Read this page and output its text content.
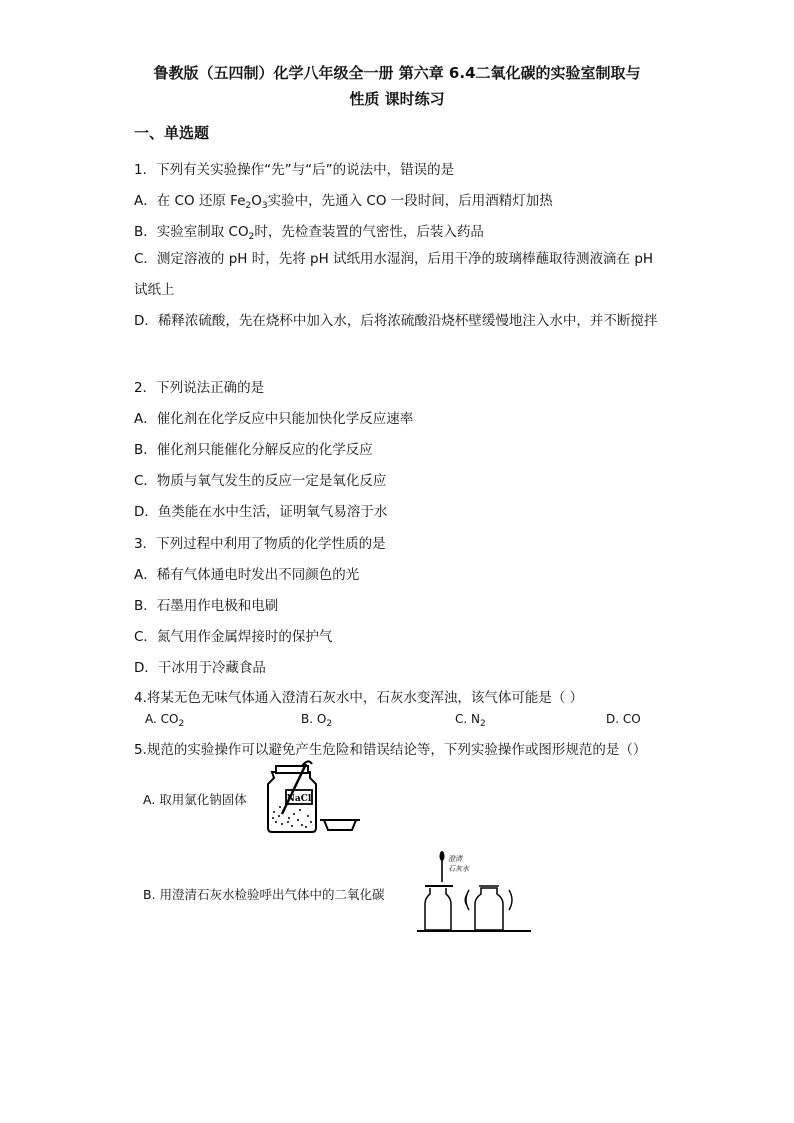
鲁教版（五四制）化学八年级全一册 第六章 6.4二氧化碳的实验室制取与
性质 课时练习
一、单选题
1．下列有关实验操作“先”与“后”的说法中，错误的是
A．在 CO 还原 $Fe_2O_3$实验中，先通入 CO 一段时间，后用酒精灯加热
B．实验室制取 $CO_2$时，先检查装置的气密性，后装入药品
C．测定溶液的 pH 时，先将 pH 试纸用水湿润，后用干净的玻璃棒蘸取待测液滴在 pH 试纸上
D．稀释浓硫酸，先在烧杯中加入水，后将浓硫酸沿烧杯壁缓慢地注入水中，并不断搅拌
2．下列说法正确的是
A．催化剂在化学反应中只能加快化学反应速率
B．催化剂只能催化分解反应的化学反应
C．物质与氧气发生的反应一定是氧化反应
D．鱼类能在水中生活，证明氧气易溶于水
3．下列过程中利用了物质的化学性质的是
A．稀有气体通电时发出不同颜色的光
B．石墨用作电极和电刷
C．氮气用作金属焊接时的保护气
D．干冰用于冷藏食品
4.将某无色无味气体通入澄清石灰水中，石灰水变浑浊，该气体可能是（ ）
A. $CO_2$	B. $O_2$	C. $N_2$	D. CO
5.规范的实验操作可以避免产生危险和错误结论等，下列实验操作或图形规范的是（）
A. 取用氯化钠固体	NaCl
B. 用澄清石灰水检验呼出气体中的二氧化碳
澄清
石灰水
